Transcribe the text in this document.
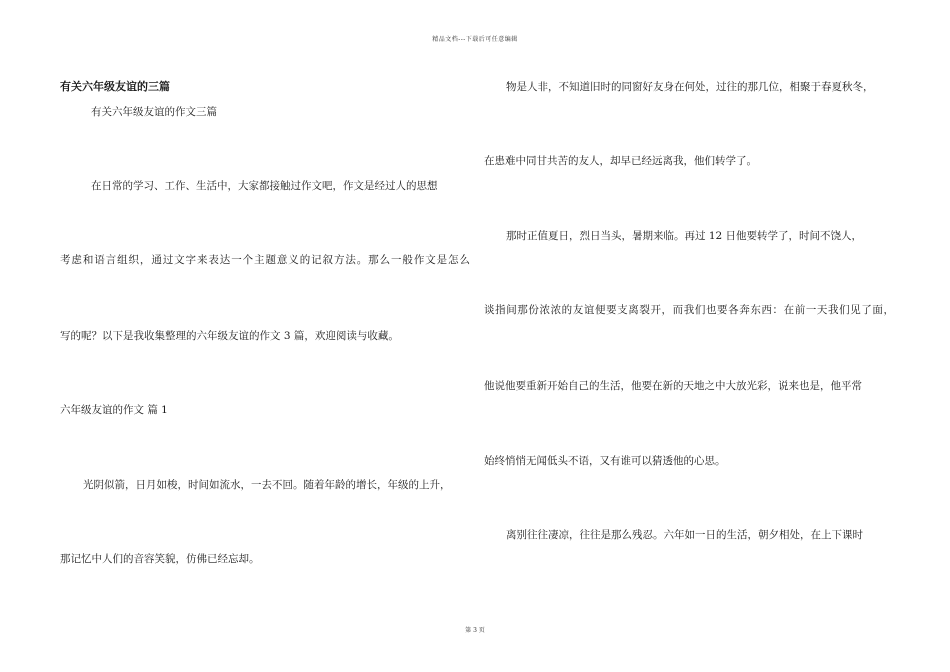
精品文档---下载后可任意编辑
有关六年级友谊的三篇
有关六年级友谊的作文三篇
在日常的学习、工作、生活中，大家都接触过作文吧，作文是经过人的思想
考虑和语言组织，通过文字来表达一个主题意义的记叙方法。那么一般作文是怎么
写的呢？以下是我收集整理的六年级友谊的作文 3 篇，欢迎阅读与收藏。
六年级友谊的作文 篇 1
光阴似箭，日月如梭，时间如流水，一去不回。随着年龄的增长，年级的上升，
那记忆中人们的音容笑貌，仿佛已经忘却。
物是人非，不知道旧时的同窗好友身在何处，过往的那几位，相聚于春夏秋冬，
在患难中同甘共苦的友人，却早已经远离我，他们转学了。
那时正值夏日，烈日当头，暑期来临。再过 12 日他要转学了，时间不饶人，
谈指间那份浓浓的友谊便要支离裂开，而我们也要各奔东西：在前一天我们见了面，
他说他要重新开始自己的生活，他要在新的天地之中大放光彩，说来也是，他平常
始终悄悄无闻低头不语，又有谁可以猜透他的心思。
离别往往凄凉，往往是那么残忍。六年如一日的生活，朝夕相处，在上下课时
第 3 页
